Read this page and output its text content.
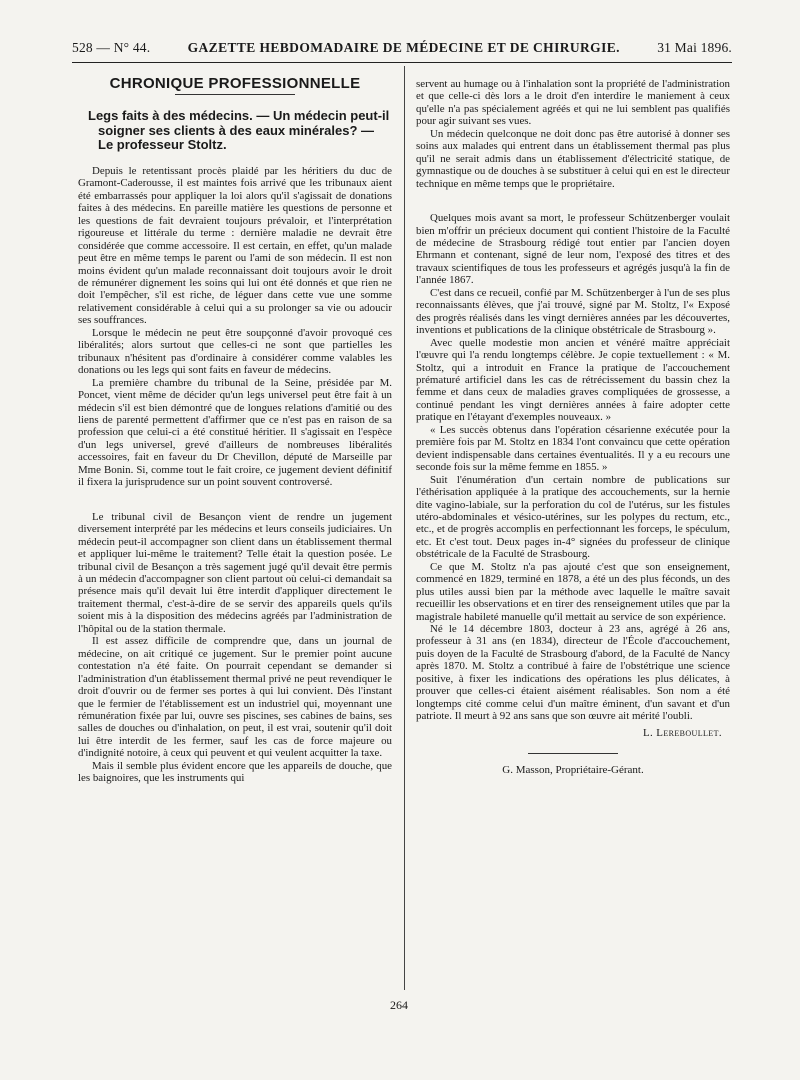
528 — N° 44.	GAZETTE HEBDOMADAIRE DE MÉDECINE ET DE CHIRURGIE.	31 Mai 1896.
CHRONIQUE PROFESSIONNELLE
Legs faits à des médecins. — Un médecin peut-il soigner ses clients à des eaux minérales? — Le professeur Stoltz.

Depuis le retentissant procès plaidé par les héritiers du duc de Gramont-Caderousse, il est maintes fois arrivé que les tribunaux aient été embarrassés pour appliquer la loi alors qu'il s'agissait de donations faites à des médecins. En pareille matière les questions de personne et les questions de fait devraient toujours prévaloir, et l'interprétation rigoureuse et littérale du terme : dernière maladie ne devrait être considérée que comme accessoire. Il est certain, en effet, qu'un malade peut être en même temps le parent ou l'ami de son médecin. Il est non moins évident qu'un malade reconnaissant doit toujours avoir le droit de rémunérer dignement les soins qui lui ont été donnés et que rien ne doit l'empêcher, s'il est riche, de léguer dans cette vue une somme relativement considérable à celui qui a su prolonger sa vie ou adoucir ses souffrances.

Lorsque le médecin ne peut être soupçonné d'avoir provoqué ces libéralités; alors surtout que celles-ci ne sont que partielles les tribunaux n'hésitent pas d'ordinaire à considérer comme valables les donations ou les legs qui sont faits en faveur de médecins.

La première chambre du tribunal de la Seine, présidée par M. Poncet, vient même de décider qu'un legs universel peut être fait à un médecin s'il est bien démontré que de longues relations d'amitié ou des liens de parenté permettent d'affirmer que ce n'est pas en raison de sa profession que celui-ci a été constitué héritier. Il s'agissait en l'espèce d'un legs universel, grevé d'ailleurs de nombreuses libéralités accessoires, fait en faveur du Dr Chevillon, député de Marseille par Mme Bonin. Si, comme tout le fait croire, ce jugement devient définitif il fixera la jurisprudence sur un point souvent controversé.

Le tribunal civil de Besançon vient de rendre un jugement diversement interprété par les médecins et leurs conseils judiciaires. Un médecin peut-il accompagner son client dans un établissement thermal et appliquer lui-même le traitement? Telle était la question posée. Le tribunal civil de Besançon a très sagement jugé qu'il devait être permis à un médecin d'accompagner son client partout où celui-ci demandait sa présence mais qu'il devait lui être interdit d'appliquer directement le traitement thermal, c'est-à-dire de se servir des appareils quels qu'ils soient mis à la disposition des médecins agréés par l'administration de l'hôpital ou de la station thermale.

Il est assez difficile de comprendre que, dans un journal de médecine, on ait critiqué ce jugement. Sur le premier point aucune contestation n'a été faite. On pourrait cependant se demander si l'administration d'un établissement thermal privé ne peut revendiquer le droit d'ouvrir ou de fermer ses portes à qui lui convient. Dès l'instant que le fermier de l'établissement est un industriel qui, moyennant une rémunération fixée par lui, ouvre ses piscines, ses cabines de bains, ses salles de douches ou d'inhalation, on peut, il est vrai, soutenir qu'il doit lui être interdit de les fermer, sauf les cas de force majeure ou d'indignité notoire, à ceux qui peuvent et qui veulent acquitter la taxe.

Mais il semble plus évident encore que les appareils de douche, que les baignoires, que les instruments qui

servent au humage ou à l'inhalation sont la propriété de l'administration et que celle-ci dès lors a le droit d'en interdire le maniement à ceux qu'elle n'a pas spécialement agréés et qui ne lui semblent pas qualifiés pour agir suivant ses vues.

Un médecin quelconque ne doit donc pas être autorisé à donner ses soins aux malades qui entrent dans un établissement thermal pas plus qu'il ne serait admis dans un établissement d'électricité statique, de gymnastique ou de douches à se substituer à celui qui en est le directeur technique en même temps que le propriétaire.

Quelques mois avant sa mort, le professeur Schützenberger voulait bien m'offrir un précieux document qui contient l'histoire de la Faculté de médecine de Strasbourg rédigé tout entier par l'ancien doyen Ehrmann et contenant, signé de leur nom, l'exposé des titres et des travaux scientifiques de tous les professeurs et agrégés jusqu'à la fin de l'année 1867.

C'est dans ce recueil, confié par M. Schützenberger à l'un de ses plus reconnaissants élèves, que j'ai trouvé, signé par M. Stoltz, l'« Exposé des progrès réalisés dans les vingt dernières années par les découvertes, inventions et publications de la clinique obstétricale de Strasbourg ».

Avec quelle modestie mon ancien et vénéré maître appréciait l'œuvre qui l'a rendu longtemps célèbre. Je copie textuellement : « M. Stoltz, qui a introduit en France la pratique de l'accouchement prématuré artificiel dans les cas de rétrécissement du bassin chez la femme et dans ceux de maladies graves compliquées de grossesse, a continué pendant les vingt dernières années à faire adopter cette pratique en l'étayant d'exemples nouveaux. »

« Les succès obtenus dans l'opération césarienne exécutée pour la première fois par M. Stoltz en 1834 l'ont convaincu que cette opération devient indispensable dans certaines éventualités. Il y a eu recours une seconde fois sur la même femme en 1855. »

Suit l'énumération d'un certain nombre de publications sur l'éthérisation appliquée à la pratique des accouchements, sur la hernie dite vagino-labiale, sur la perforation du col de l'utérus, sur les fistules utéro-abdominales et vésico-utérines, sur les polypes du rectum, etc., etc., et de progrès accomplis en perfectionnant les forceps, le spéculum, etc. Et c'est tout. Deux pages in-4° signées du professeur de clinique obstétricale de la Faculté de Strasbourg.

Ce que M. Stoltz n'a pas ajouté c'est que son enseignement, commencé en 1829, terminé en 1878, a été un des plus féconds, un des plus utiles aussi bien par la méthode avec laquelle le maître savait recueillir les observations et en tirer des renseignement utiles que par la magistrale habileté manuelle qu'il mettait au service de son expérience.

Né le 14 décembre 1803, docteur à 23 ans, agrégé à 26 ans, professeur à 31 ans (en 1834), directeur de l'École d'accouchement, puis doyen de la Faculté de Strasbourg d'abord, de la Faculté de Nancy après 1870. M. Stoltz a contribué à faire de l'obstétrique une science positive, à fixer les indications des opérations les plus délicates, à prouver que celles-ci étaient aisément réalisables. Son nom a été longtemps cité comme celui d'un maître éminent, d'un savant et d'un patriote. Il meurt à 92 ans sans que son œuvre ait mérité l'oubli.

L. Lereboullet.
G. Masson, Propriétaire-Gérant.
264
